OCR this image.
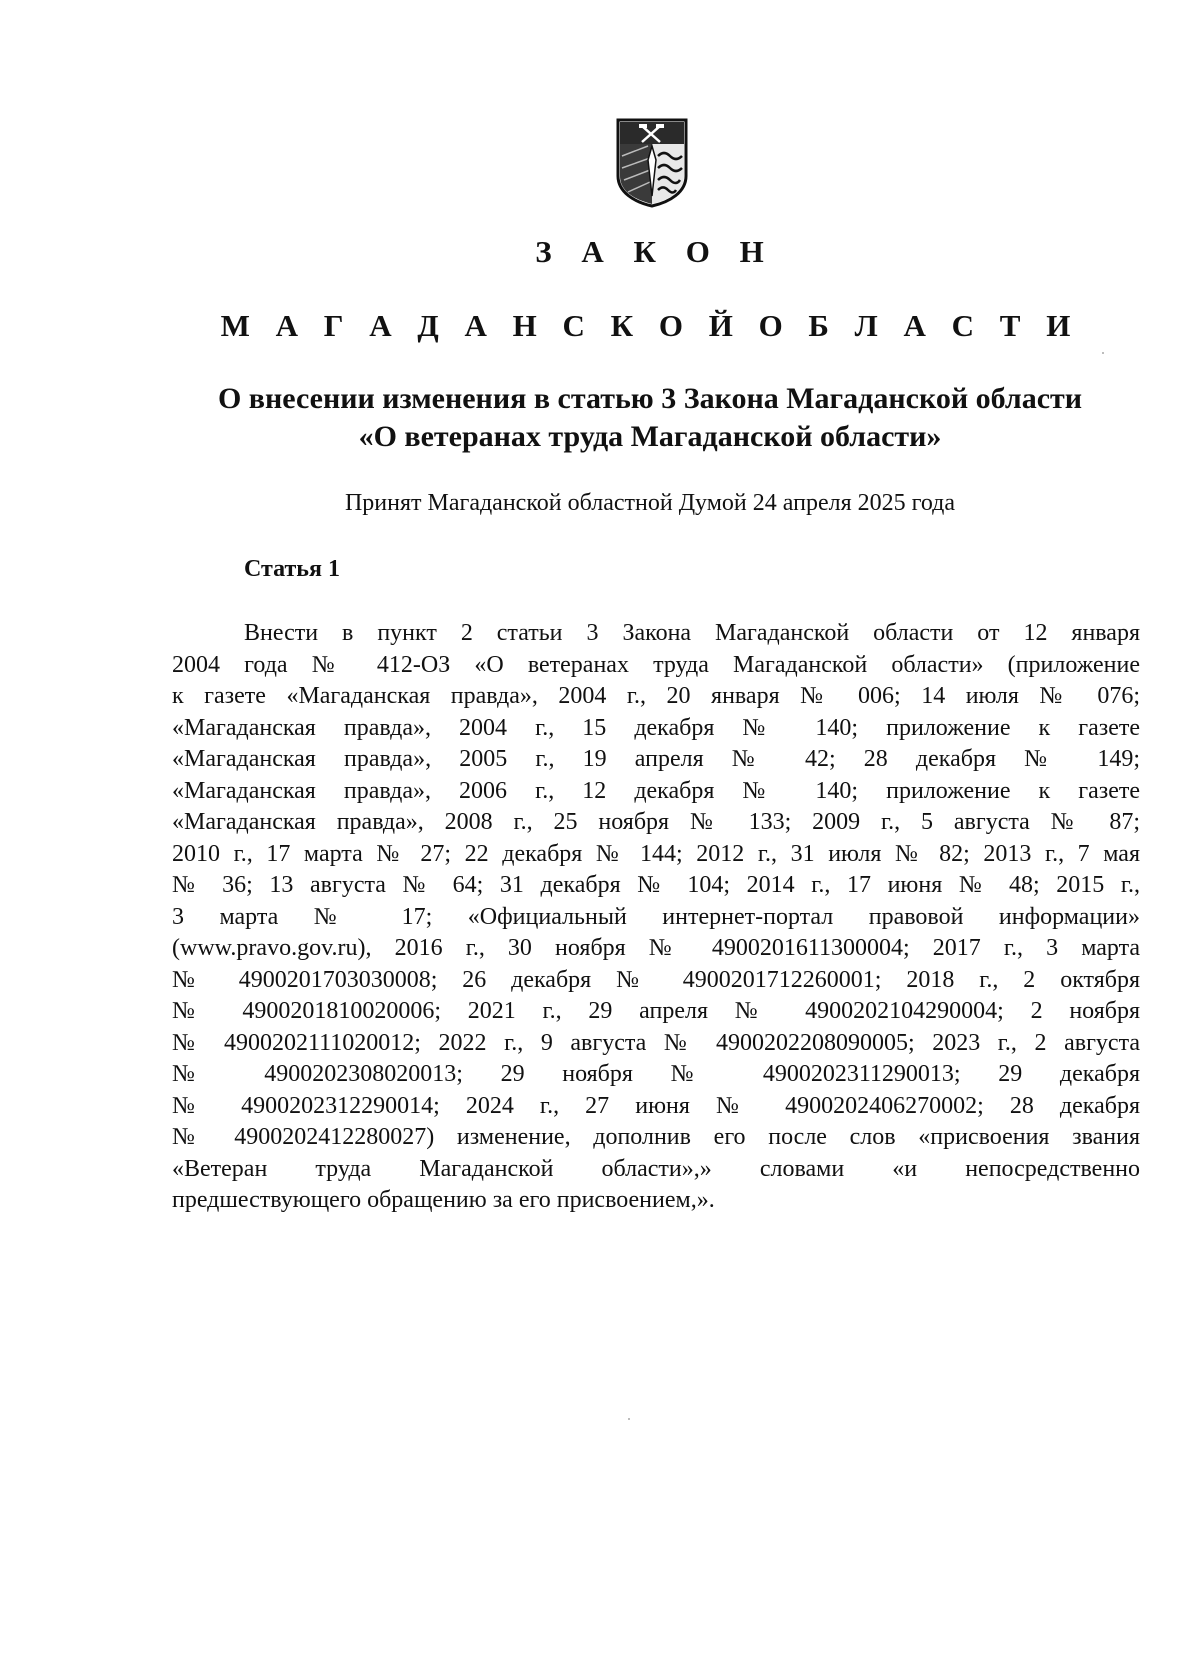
З А К О Н
М А Г А Д А Н С К О Й О Б Л А С Т И
О внесении изменения в статью 3 Закона Магаданской области
«О ветеранах труда Магаданской области»

Принят Магаданской областной Думой 24 апреля 2025 года

Статья 1

Внести в пункт 2 статьи 3 Закона Магаданской области от 12 января
2004 года № 412-ОЗ «О ветеранах труда Магаданской области» (приложение
к газете «Магаданская правда», 2004 г., 20 января № 006; 14 июля № 076;
«Магаданская правда», 2004 г., 15 декабря № 140; приложение к газете
«Магаданская правда», 2005 г., 19 апреля № 42; 28 декабря № 149;
«Магаданская правда», 2006 г., 12 декабря № 140; приложение к газете
«Магаданская правда», 2008 г., 25 ноября № 133; 2009 г., 5 августа № 87;
2010 г., 17 марта № 27; 22 декабря № 144; 2012 г., 31 июля № 82; 2013 г., 7 мая
№ 36; 13 августа № 64; 31 декабря № 104; 2014 г., 17 июня № 48; 2015 г.,
3 марта № 17; «Официальный интернет-портал правовой информации»
(www.pravo.gov.ru), 2016 г., 30 ноября № 4900201611300004; 2017 г., 3 марта
№ 4900201703030008; 26 декабря № 4900201712260001; 2018 г., 2 октября
№ 4900201810020006; 2021 г., 29 апреля № 4900202104290004; 2 ноября
№ 4900202111020012; 2022 г., 9 августа № 4900202208090005; 2023 г., 2 августа
№ 4900202308020013; 29 ноября № 4900202311290013; 29 декабря
№ 4900202312290014; 2024 г., 27 июня № 4900202406270002; 28 декабря
№ 4900202412280027) изменение, дополнив его после слов «присвоения звания
«Ветеран труда Магаданской области»,» словами «и непосредственно
предшествующего обращению за его присвоением,».
